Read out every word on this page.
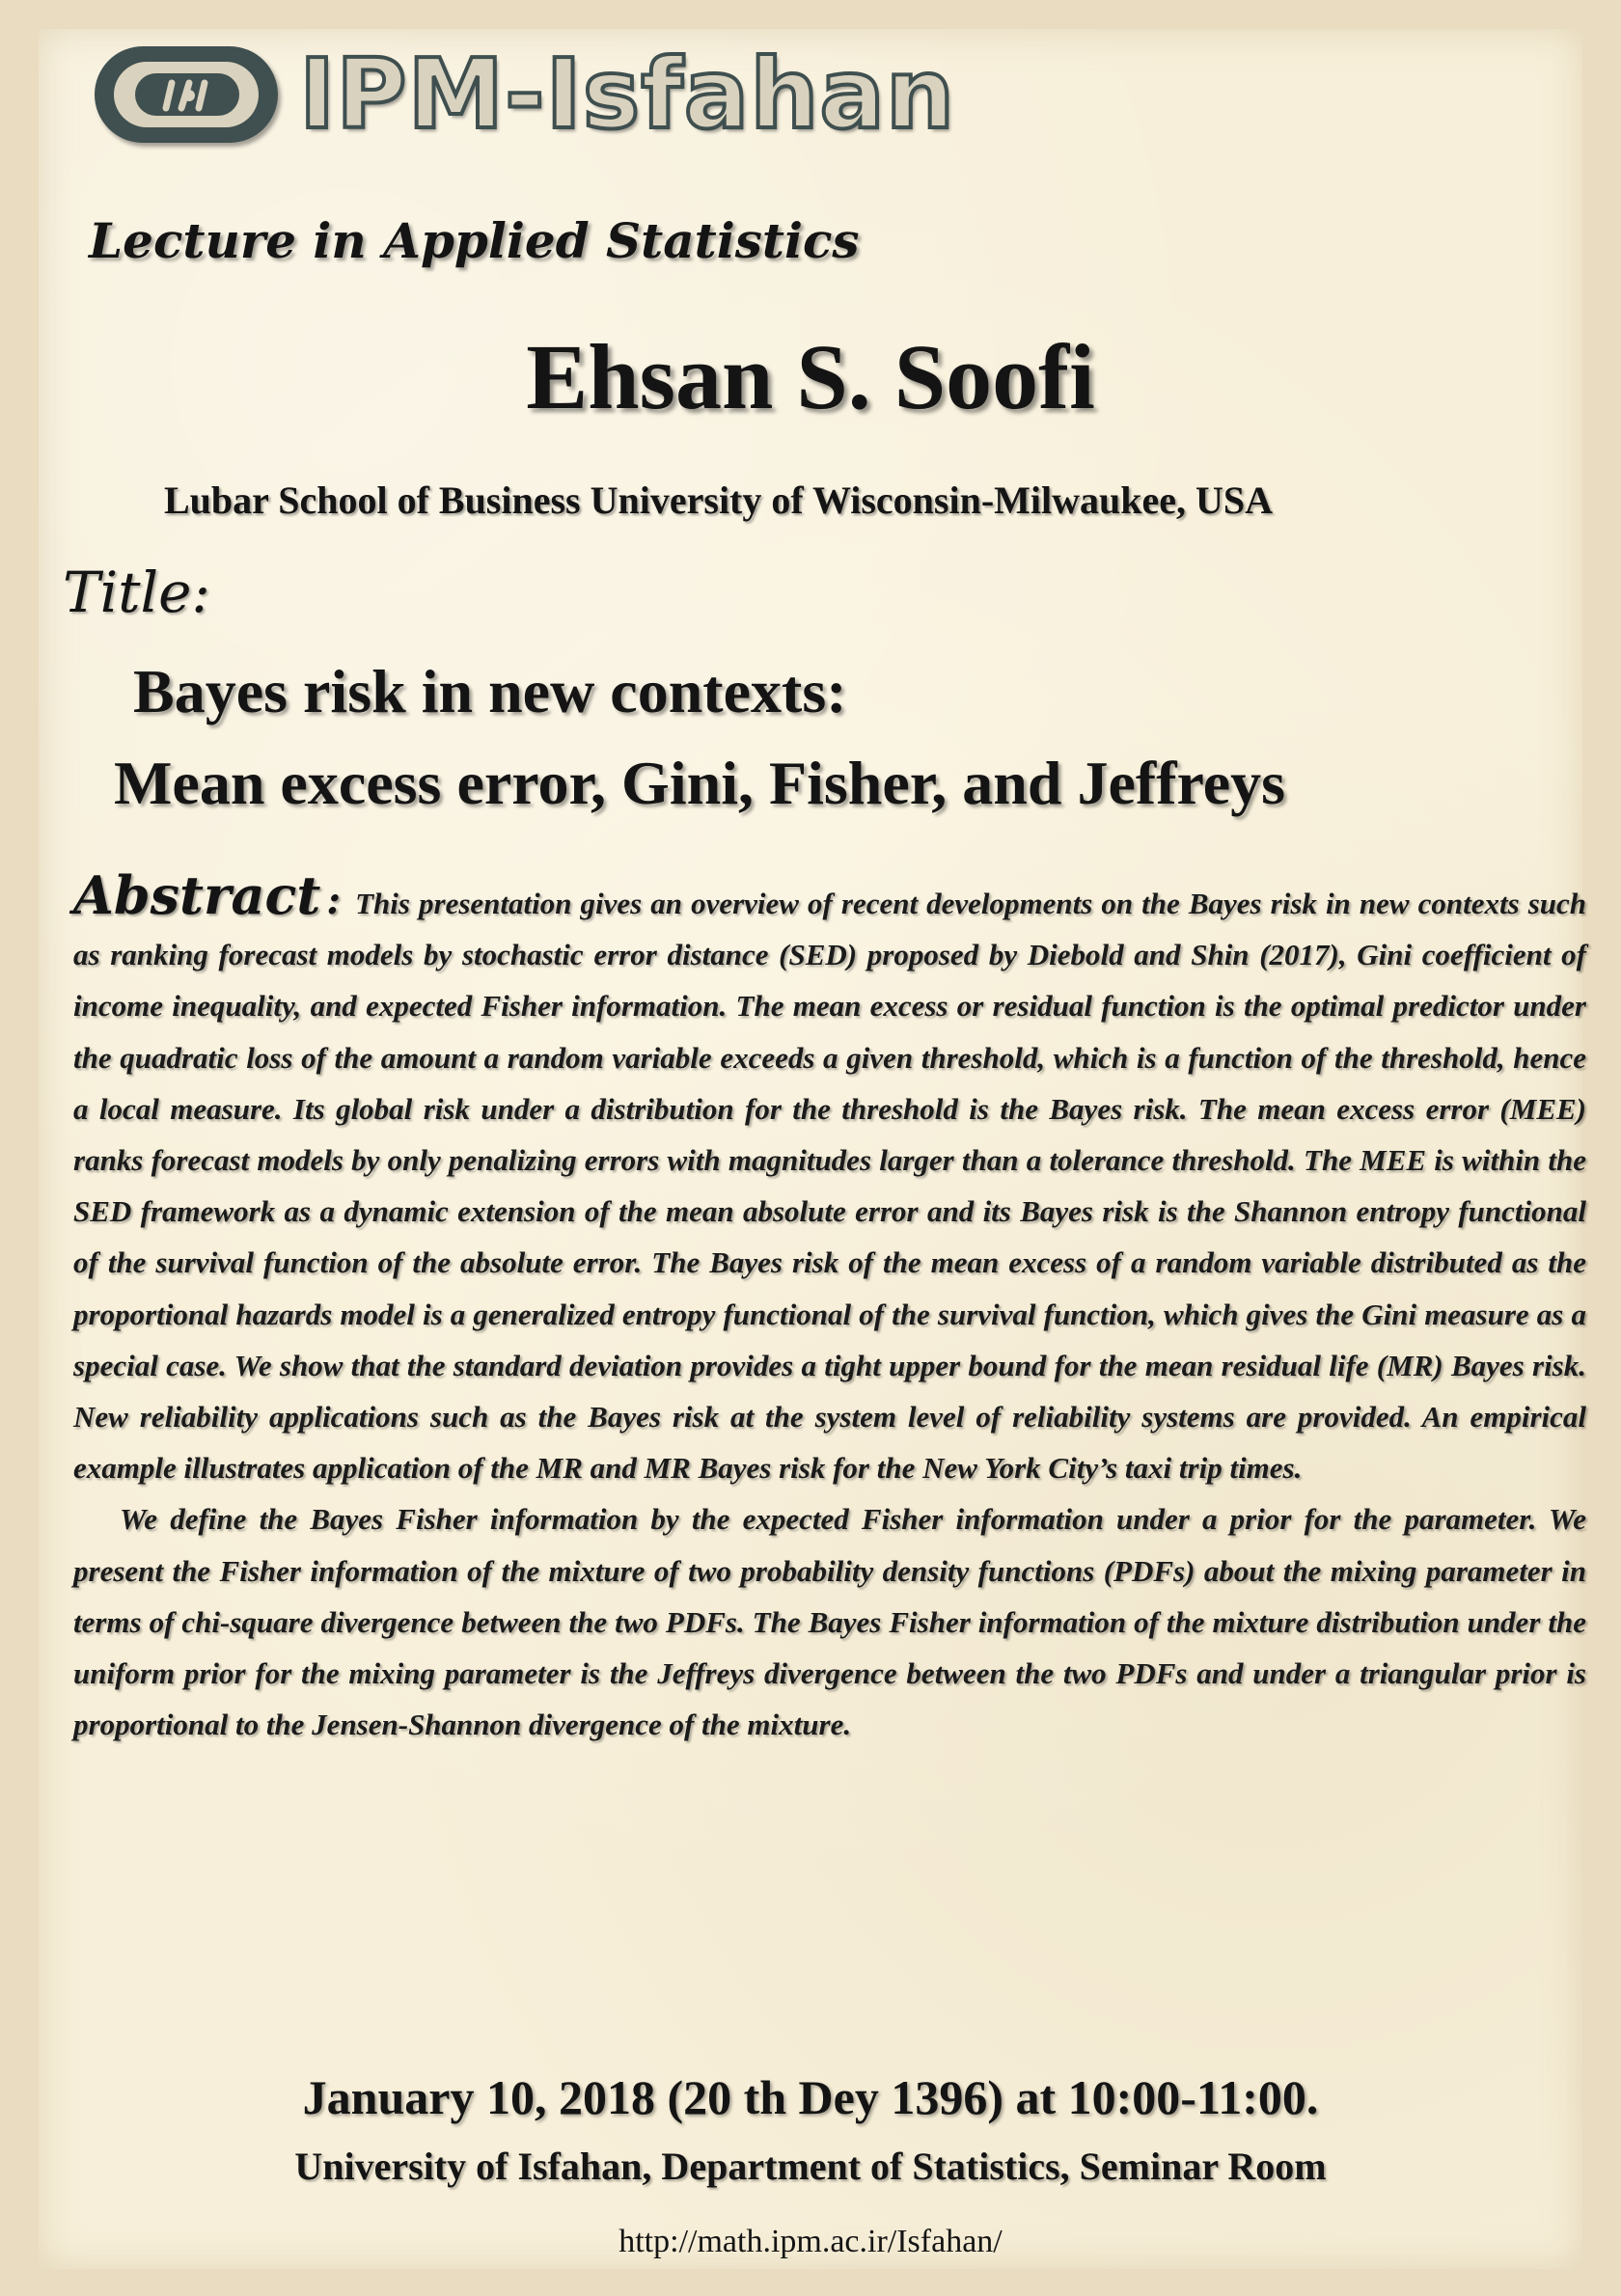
IPM-Isfahan
Lecture in Applied Statistics
Ehsan S. Soofi
Lubar School of Business University of Wisconsin-Milwaukee, USA
Title:
Bayes risk in new contexts:
Mean excess error, Gini, Fisher, and Jeffreys

Abstract : This presentation gives an overview of recent developments on the Bayes risk in new contexts such as ranking forecast models by stochastic error distance (SED) proposed by Diebold and Shin (2017), Gini coefficient of income inequality, and expected Fisher information. The mean excess or residual function is the optimal predictor under the quadratic loss of the amount a random variable exceeds a given threshold, which is a function of the threshold, hence a local measure. Its global risk under a distribution for the threshold is the Bayes risk. The mean excess error (MEE) ranks forecast models by only penalizing errors with magnitudes larger than a tolerance threshold. The MEE is within the SED framework as a dynamic extension of the mean absolute error and its Bayes risk is the Shannon entropy functional of the survival function of the absolute error. The Bayes risk of the mean excess of a random variable distributed as the proportional hazards model is a generalized entropy functional of the survival function, which gives the Gini measure as a special case. We show that the standard deviation provides a tight upper bound for the mean residual life (MR) Bayes risk. New reliability applications such as the Bayes risk at the system level of reliability systems are provided. An empirical example illustrates application of the MR and MR Bayes risk for the New York City’s taxi trip times.

We define the Bayes Fisher information by the expected Fisher information under a prior for the parameter. We present the Fisher information of the mixture of two probability density functions (PDFs) about the mixing parameter in terms of chi-square divergence between the two PDFs. The Bayes Fisher information of the mixture distribution under the uniform prior for the mixing parameter is the Jeffreys divergence between the two PDFs and under a triangular prior is proportional to the Jensen-Shannon divergence of the mixture.

January 10, 2018 (20 th Dey 1396) at 10:00-11:00.
University of Isfahan, Department of Statistics, Seminar Room
http://math.ipm.ac.ir/Isfahan/
